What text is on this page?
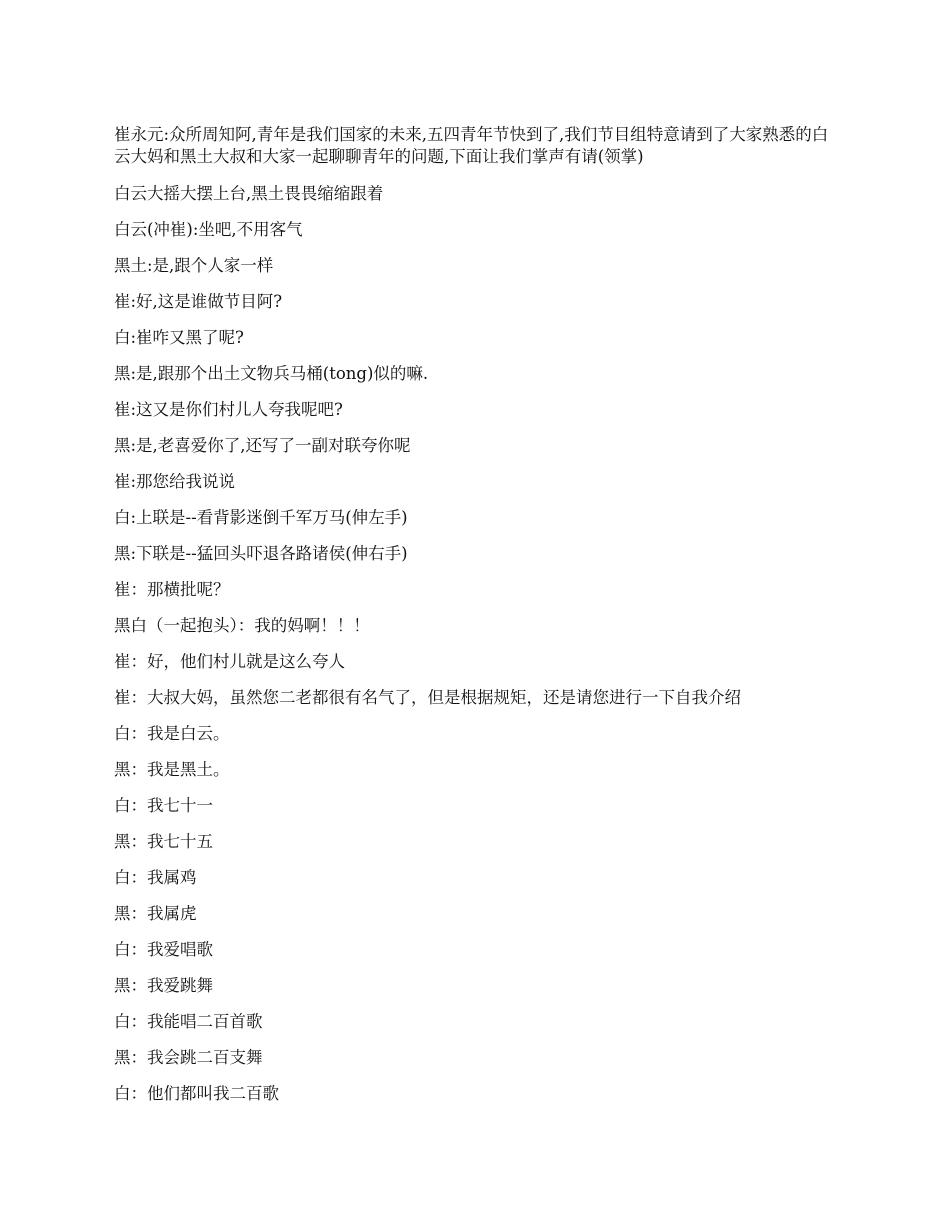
崔永元:众所周知阿,青年是我们国家的未来,五四青年节快到了,我们节目组特意请到了大家熟悉的白云大妈和黑土大叔和大家一起聊聊青年的问题,下面让我们掌声有请(领掌)

白云大摇大摆上台,黑土畏畏缩缩跟着

白云(冲崔):坐吧,不用客气

黑土:是,跟个人家一样

崔:好,这是谁做节目阿?

白:崔咋又黑了呢?

黑:是,跟那个出土文物兵马桶(tong)似的嘛.

崔:这又是你们村儿人夸我呢吧?

黑:是,老喜爱你了,还写了一副对联夸你呢

崔:那您给我说说

白:上联是--看背影迷倒千军万马(伸左手)

黑:下联是--猛回头吓退各路诸侯(伸右手)

崔：那横批呢？

黑白（一起抱头）：我的妈啊！！！

崔：好，他们村儿就是这么夸人

崔：大叔大妈，虽然您二老都很有名气了，但是根据规矩，还是请您进行一下自我介绍

白：我是白云。

黑：我是黑土。

白：我七十一

黑：我七十五

白：我属鸡

黑：我属虎

白：我爱唱歌

黑：我爱跳舞

白：我能唱二百首歌

黑：我会跳二百支舞

白：他们都叫我二百歌
